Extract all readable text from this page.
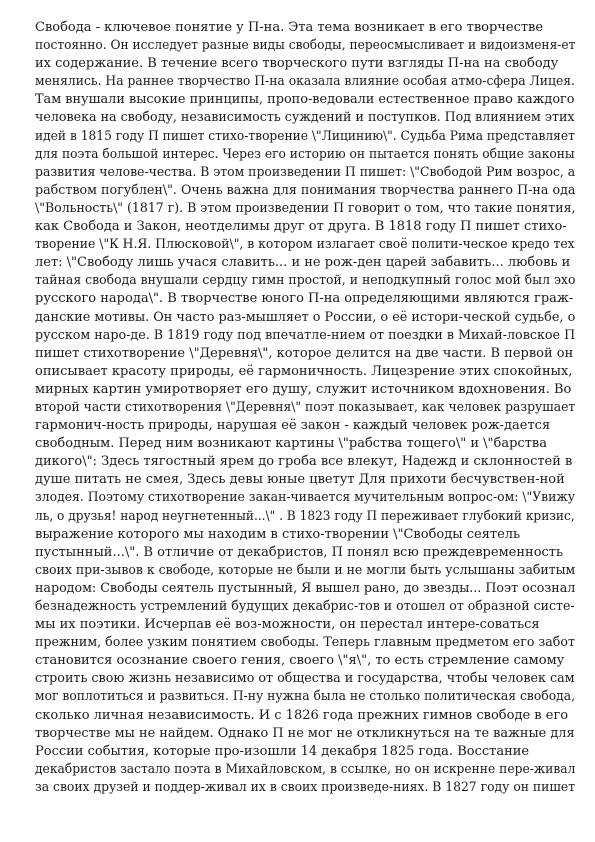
Свобода - ключевое понятие у П-на. Эта тема возникает в его творчестве
постоянно. Он исследует разные виды свободы, переосмысливает и видоизменя-ет
их содержание. В течение всего творческого пути взгляды П-на на свободу
менялись. На раннее творчество П-на оказала влияние особая атмо-сфера Лицея.
Там внушали высокие принципы, пропо-ведовали естественное право каждого
человека на свободу, независимость суждений и поступков. Под влиянием этих
идей в 1815 году П пишет стихо-творение \"Лицинию\". Судьба Рима представляет
для поэта большой интерес. Через его историю он пытается понять общие законы
развития челове-чества. В этом произведении П пишет: \"Свободой Рим возрос, а
рабством погублен\". Очень важна для понимания творчества раннего П-на ода
\"Вольность\" (1817 г). В этом произведении П говорит о том, что такие понятия,
как Свобода и Закон, неотделимы друг от друга. В 1818 году П пишет стихо-
творение \"К Н.Я. Плюсковой\", в котором излагает своё полити-ческое кредо тех
лет: \"Свободу лишь учася славить... и не рож-ден царей забавить... любовь и
тайная свобода внушали сердцу гимн простой, и неподкупный голос мой был эхо
русского народа\". В творчестве юного П-на определяющими являются граж-
данские мотивы. Он часто раз-мышляет о России, о её истори-ческой судьбе, о
русском наро-де. В 1819 году под впечатле-нием от поездки в Михай-ловское П
пишет стихотворение \"Деревня\", которое делится на две части. В первой он
описывает красоту природы, её гармоничность. Лицезрение этих спокойных,
мирных картин умиротворяет его душу, служит источником вдохновения. Во
второй части стихотворения \"Деревня\" поэт показывает, как человек разрушает
гармонич-ность природы, нарушая её закон - каждый человек рож-дается
свободным. Перед ним возникают картины \"рабства тощего\" и \"барства
дикого\": Здесь тягостный ярем до гроба все влекут, Надежд и склонностей в
душе питать не смея, Здесь девы юные цветут Для прихоти бесчувствен-ной
злодея. Поэтому стихотворение закан-чивается мучительным вопрос-ом: \"Увижу
ль, о друзья! народ неугнетенный...\" . В 1823 году П переживает глубокий кризис,
выражение которого мы находим в стихо-творении \"Свободы сеятель
пустынный...\". В отличие от декабристов, П понял всю преждевременность
своих при-зывов к свободе, которые не были и не могли быть услышаны забитым
народом: Свободы сеятель пустынный, Я вышел рано, до звезды... Поэт осознал
безнадежность устремлений будущих декабрис-тов и отошел от образной систе-
мы их поэтики. Исчерпав её воз-можности, он перестал интере-соваться
прежним, более узким понятием свободы. Теперь главным предметом его забот
становится осознание своего гения, своего \"я\", то есть стремление самому
строить свою жизнь независимо от общества и государства, чтобы человек сам
мог воплотиться и развиться. П-ну нужна была не столько политическая свобода,
сколько личная независимость. И с 1826 года прежних гимнов свободе в его
творчестве мы не найдем. Однако П не мог не откликнуться на те важные для
России события, которые про-изошли 14 декабря 1825 года. Восстание
декабристов застало поэта в Михайловском, в ссылке, но он искренне пере-живал
за своих друзей и поддер-живал их в своих произведе-ниях. В 1827 году он пишет
